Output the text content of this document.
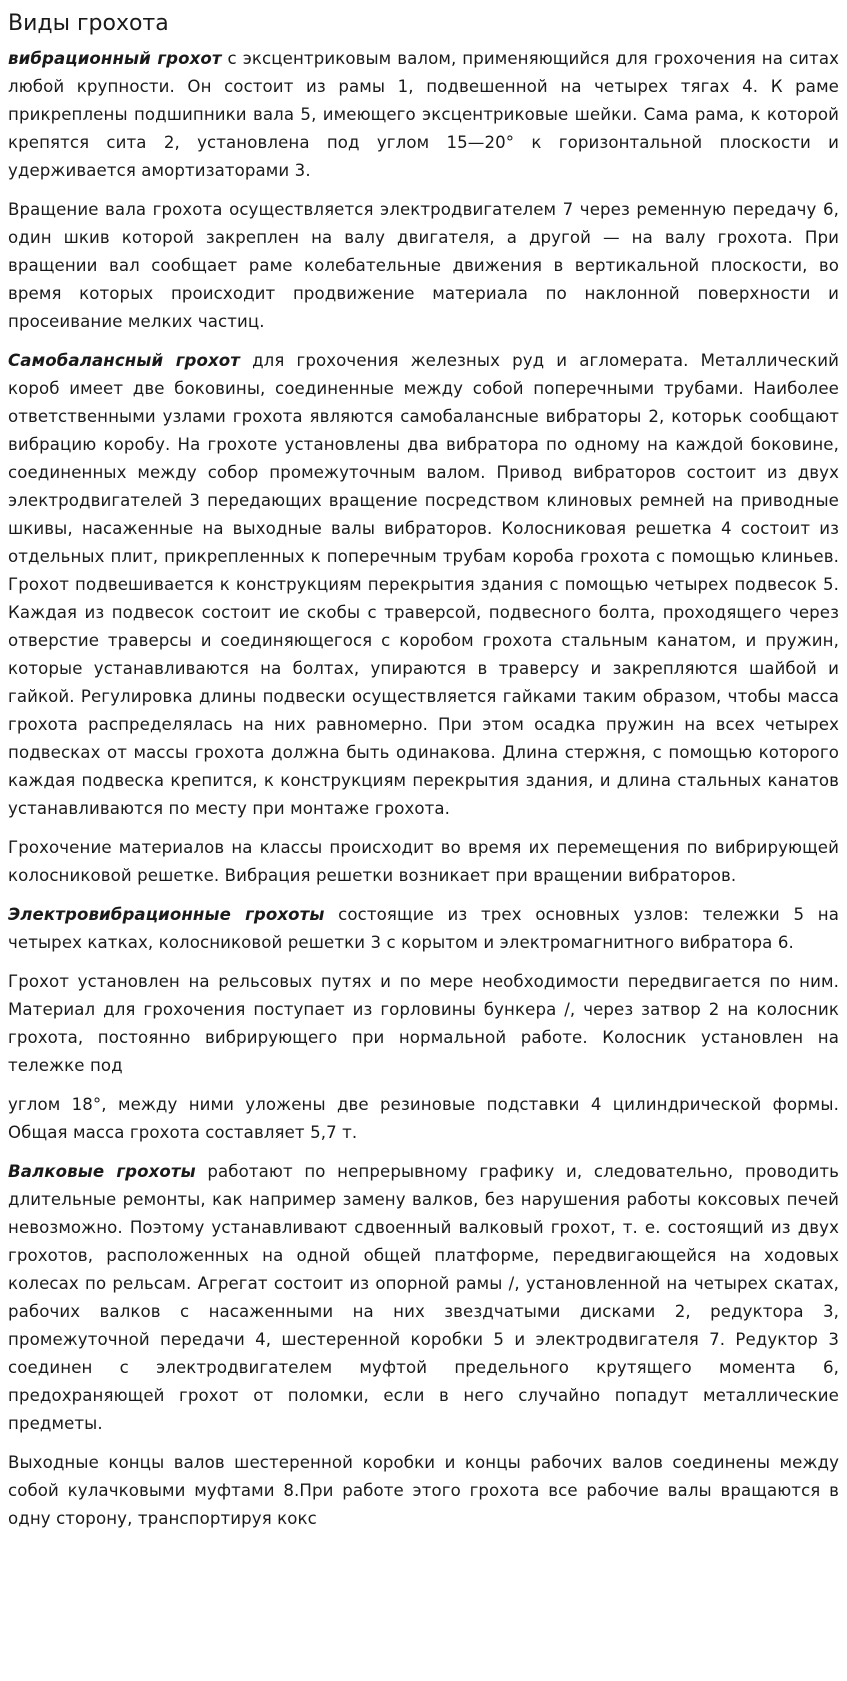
Виды грохота

вибрационный грохот с эксцентриковым валом, применяющийся для грохочения на ситах любой крупности. Он состоит из рамы 1, подвешенной на четырех тягах 4. К раме прикреплены подшипники вала 5, имеющего эксцентриковые шейки. Сама рама, к которой крепятся сита 2, установлена под углом 15—20° к горизонтальной плоскости и удерживается амортизаторами 3.

Вращение вала грохота осуществляется электродвигателем 7 через ременную передачу 6, один шкив которой закреплен на валу двигателя, а другой — на валу грохота. При вращении вал сообщает раме колебательные движения в вертикальной плоскости, во время которых происходит продвижение материала по наклонной поверхности и просеивание мелких частиц.

Самобалансный грохот для грохочения железных руд и агломерата. Металлический короб имеет две боковины, соединенные между собой поперечными трубами. Наиболее ответственными узлами грохота являются самобалансные вибраторы 2, которьк сообщают вибрацию коробу. На грохоте установлены два вибратора по одному на каждой боковине, соединенных между собор промежуточным валом. Привод вибраторов состоит из двух электродвигателей 3 передающих вращение посредством клиновых ремней на приводные шкивы, насаженные на выходные валы вибраторов. Колосниковая решетка 4 состоит из отдельных плит, прикрепленных к поперечным трубам короба грохота с помощью клиньев. Грохот подвешивается к конструкциям перекрытия здания с помощью четырех подвесок 5. Каждая из подвесок состоит ие скобы с траверсой, подвесного болта, проходящего через отверстие траверсы и соединяющегося с коробом грохота стальным канатом, и пружин, которые устанавливаются на болтах, упираются в траверсу и закрепляются шайбой и гайкой. Регулировка длины подвески осуществляется гайками таким образом, чтобы масса грохота распределялась на них равномерно. При этом осадка пружин на всех четырех подвесках от массы грохота должна быть одинакова. Длина стержня, с помощью которого каждая подвеска крепится, к конструкциям перекрытия здания, и длина стальных канатов устанавливаются по месту при монтаже грохота.

Грохочение материалов на классы происходит во время их перемещения по вибрирующей колосниковой решетке. Вибрация решетки возникает при вращении вибраторов.

Электровибрационные грохоты состоящие из трех основных узлов: тележки 5 на четырех катках, колосниковой решетки 3 с корытом и электромагнитного вибратора 6.

Грохот установлен на рельсовых путях и по мере необходимости передвигается по ним. Материал для грохочения поступает из горловины бункера /, через затвор 2 на колосник грохота, постоянно вибрирующего при нормальной работе. Колосник установлен на тележке под

углом 18°, между ними уложены две резиновые подставки 4 цилиндрической формы. Общая масса грохота составляет 5,7 т.

Валковые грохоты работают по непрерывному графику и, следовательно, проводить длительные ремонты, как например замену валков, без нарушения работы коксовых печей невозможно. Поэтому устанавливают сдвоенный валковый грохот, т. е. состоящий из двух грохотов, расположенных на одной общей платформе, передвигающейся на ходовых колесах по рельсам. Агрегат состоит из опорной рамы /, установленной на четырех скатах, рабочих валков с насаженными на них звездчатыми дисками 2, редуктора 3, промежуточной передачи 4, шестеренной коробки 5 и электродвигателя 7. Редуктор 3 соединен с электродвигателем муфтой предельного крутящего момента 6, предохраняющей грохот от поломки, если в него случайно попадут металлические предметы.

Выходные концы валов шестеренной коробки и концы рабочих валов соединены между собой кулачковыми муфтами 8.При работе этого грохота все рабочие валы вращаются в одну сторону, транспортируя кокс
